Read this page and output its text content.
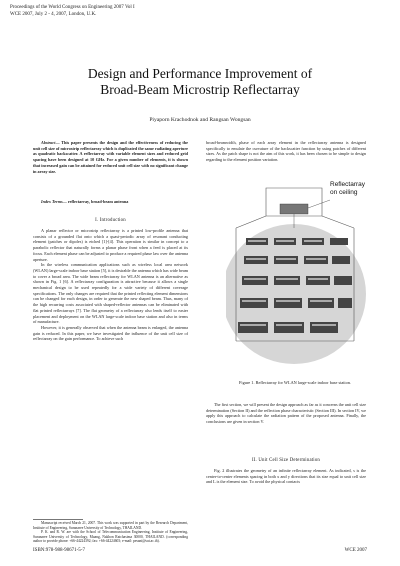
Proceedings of the World Congress on Engineering 2007 Vol I
WCE 2007, July 2 - 4, 2007, London, U.K.
Design and Performance Improvement of
Broad-Beam Microstrip Reflectarray
Piyaporn Krachodnok and Rangsan Wongsan

Abstract— This paper presents the design and the effectiveness of reducing the unit cell size of microstrip reflectarray which is duplicated the same radiating aperture as quadratic backscatter. A reflectarray with variable element sizes and reduced grid spacing have been designed at 10 GHz. For a given number of elements, it is shown that increased gain can be attained for reduced unit cell size with no significant change in array size.

Index Terms— reflectarray, broad-beam antenna

I. Introduction

A planar reflector or microstrip reflectarray is a printed low-profile antenna that consists of a grounded flat onto which a quasi-periodic array of resonant conducting element (patches or dipoles) is etched [1]-[4]. This operation is similar in concept to a parabolic reflector that naturally forms a planar phase front when a feed is placed at its focus. Each element phase can be adjusted to produce a required phase law over the antenna aperture.

In the wireless communication applications such as wireless local area network (WLAN) large-scale indoor base station [5], it is desirable the antenna which has wide beam to cover a broad area. The wide beam reflectarray for WLAN antenna is an alternative as shown in Fig. 1 [6]. A reflectarray configuration is attractive because it allows a single mechanical design to be used repeatedly for a wide variety of different coverage specifications. The only changes are required that the printed reflecting element dimensions can be changed for each design, in order to generate the new shaped beam. Thus, many of the high recurring costs associated with shaped-reflector antennas can be eliminated with flat printed reflectarrays [7]. The flat geometry of a reflectarray also lends itself to easier placement and deployment on the WLAN large-scale indoor base station and also in terms of manufacture.

However, it is generally observed that when the antenna beam is enlarged, the antenna gain is reduced. In this paper, we have investigated the influence of the unit cell size of reflectarray on the gain performance. To achieve such

Manuscript received March 21, 2007. This work was supported in part by the Research Department, Institute of Engineering, Suranaree University of Technology, THAILAND.

P. K. and R. W. are with the School of Telecommunication Engineering, Institute of Engineering, Suranaree University of Technology, Muang, Nakhon Ratchasima 30000, THAILAND. (corresponding author to provide phone: +66-44224392; fax: +66-44224603; e-mail: pesani@sut.ac.th).

broad-beamwidth, phase of each array element in the reflectarray antenna is designed specifically to emulate the curvature of the backscatter function by using patches of different sizes. As the patch shape is not the aim of this work, it has been chosen to be simple to design regarding to the element position variation.

Reflectarray
on ceiling
Figure 1. Reflectarray for WLAN large-scale indoor base station.

The first section, we will present the design approach as far as it concerns the unit cell size determination (Section II) and the reflection phase characteristic (Section III). In section IV, we apply this approach to calculate the radiation pattern of the proposed antenna. Finally, the conclusions are given in section V.

II. Unit Cell Size Determination

Fig. 2 illustrates the geometry of an infinite reflectarray element. As indicated, s is the center-to-center elements spacing in both x and y directions that its size equal to unit cell size and L is the element size. To avoid the physical contacts

ISBN:978-988-98671-5-7	WCE 2007
